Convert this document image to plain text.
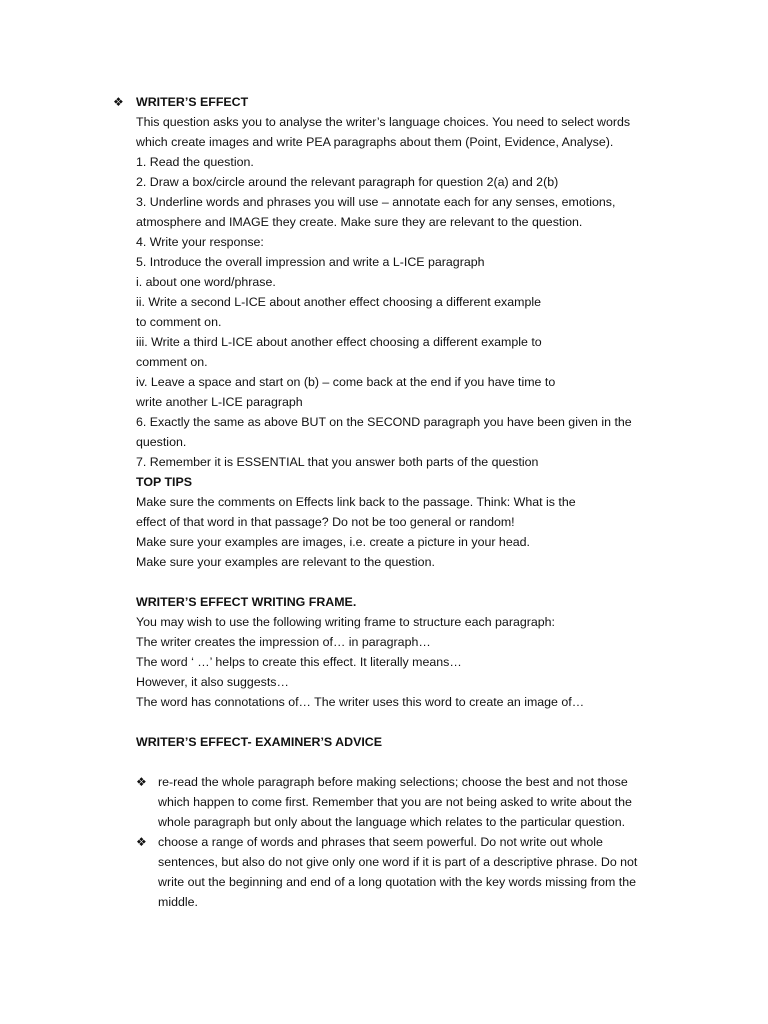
❖ WRITER’S EFFECT
This question asks you to analyse the writer’s language choices. You need to select words
which create images and write PEA paragraphs about them (Point, Evidence, Analyse).
1. Read the question.
2. Draw a box/circle around the relevant paragraph for question 2(a) and 2(b)
3. Underline words and phrases you will use – annotate each for any senses, emotions,
atmosphere and IMAGE they create. Make sure they are relevant to the question.
4. Write your response:
5. Introduce the overall impression and write a L-ICE paragraph
i. about one word/phrase.
ii. Write a second L-ICE about another effect choosing a different example
to comment on.
iii. Write a third L-ICE about another effect choosing a different example to
comment on.
iv. Leave a space and start on (b) – come back at the end if you have time to
write another L-ICE paragraph
6. Exactly the same as above BUT on the SECOND paragraph you have been given in the
question.
7. Remember it is ESSENTIAL that you answer both parts of the question
TOP TIPS
Make sure the comments on Effects link back to the passage. Think: What is the
effect of that word in that passage? Do not be too general or random!
Make sure your examples are images, i.e. create a picture in your head.
Make sure your examples are relevant to the question.
WRITER’S EFFECT WRITING FRAME.
You may wish to use the following writing frame to structure each paragraph:
The writer creates the impression of… in paragraph…
The word ‘ …’ helps to create this effect. It literally means…
However, it also suggests…
The word has connotations of… The writer uses this word to create an image of…
WRITER’S EFFECT- EXAMINER’S ADVICE
❖ re-read the whole paragraph before making selections; choose the best and not those
which happen to come first. Remember that you are not being asked to write about the
whole paragraph but only about the language which relates to the particular question.
❖ choose a range of words and phrases that seem powerful. Do not write out whole
sentences, but also do not give only one word if it is part of a descriptive phrase. Do not
write out the beginning and end of a long quotation with the key words missing from the
middle.
